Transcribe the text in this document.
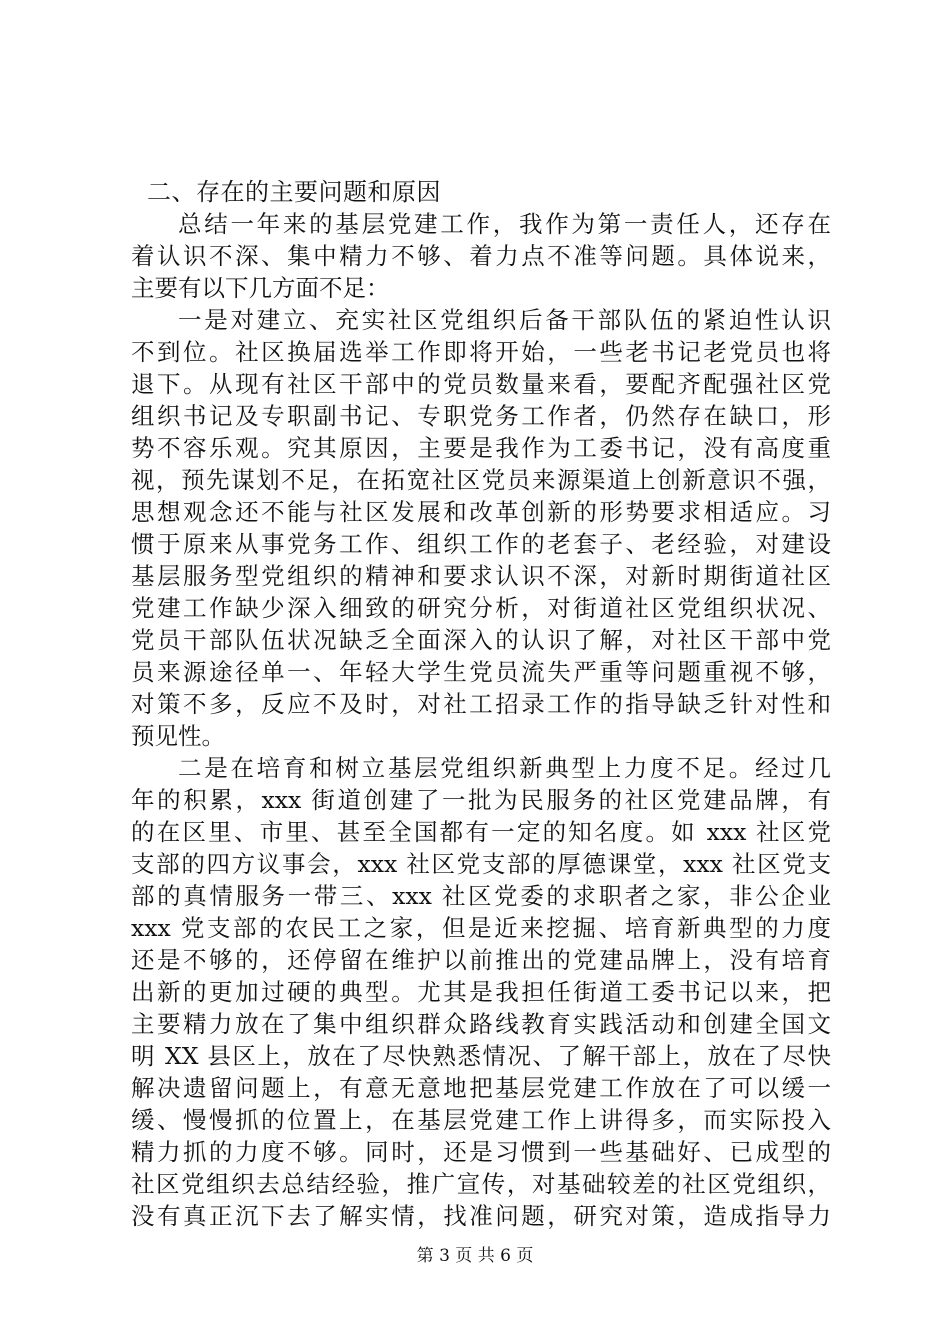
二、存在的主要问题和原因
总结一年来的基层党建工作，我作为第一责任人，还存在
着认识不深、集中精力不够、着力点不准等问题。具体说来，
主要有以下几方面不足：
一是对建立、充实社区党组织后备干部队伍的紧迫性认识
不到位。社区换届选举工作即将开始，一些老书记老党员也将
退下。从现有社区干部中的党员数量来看，要配齐配强社区党
组织书记及专职副书记、专职党务工作者，仍然存在缺口，形
势不容乐观。究其原因，主要是我作为工委书记，没有高度重
视，预先谋划不足，在拓宽社区党员来源渠道上创新意识不强，
思想观念还不能与社区发展和改革创新的形势要求相适应。习
惯于原来从事党务工作、组织工作的老套子、老经验，对建设
基层服务型党组织的精神和要求认识不深，对新时期街道社区
党建工作缺少深入细致的研究分析，对街道社区党组织状况、
党员干部队伍状况缺乏全面深入的认识了解，对社区干部中党
员来源途径单一、年轻大学生党员流失严重等问题重视不够，
对策不多，反应不及时，对社工招录工作的指导缺乏针对性和
预见性。
二是在培育和树立基层党组织新典型上力度不足。经过几
年的积累，xxx 街道创建了一批为民服务的社区党建品牌，有
的在区里、市里、甚至全国都有一定的知名度。如 xxx 社区党
支部的四方议事会，xxx 社区党支部的厚德课堂，xxx 社区党支
部的真情服务一带三、xxx 社区党委的求职者之家，非公企业
xxx 党支部的农民工之家，但是近来挖掘、培育新典型的力度
还是不够的，还停留在维护以前推出的党建品牌上，没有培育
出新的更加过硬的典型。尤其是我担任街道工委书记以来，把
主要精力放在了集中组织群众路线教育实践活动和创建全国文
明 XX 县区上，放在了尽快熟悉情况、了解干部上，放在了尽快
解决遗留问题上，有意无意地把基层党建工作放在了可以缓一
缓、慢慢抓的位置上，在基层党建工作上讲得多，而实际投入
精力抓的力度不够。同时，还是习惯到一些基础好、已成型的
社区党组织去总结经验，推广宣传，对基础较差的社区党组织，
没有真正沉下去了解实情，找准问题，研究对策，造成指导力
第 3 页 共 6 页
